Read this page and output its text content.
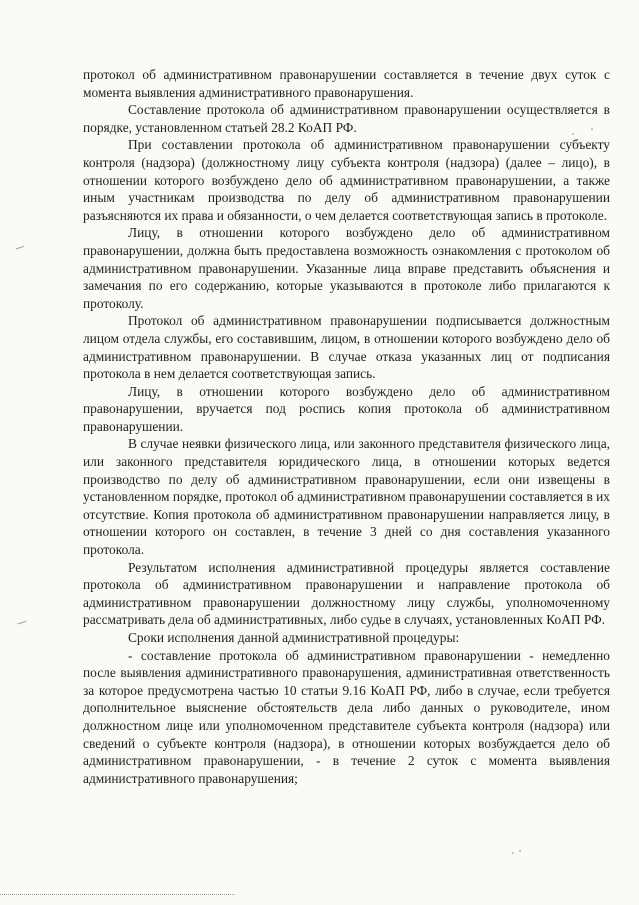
протокол об административном правонарушении составляется в течение двух суток с момента выявления административного правонарушения.

Составление протокола об административном правонарушении осуществляется в порядке, установленном статьей 28.2 КоАП РФ.

При составлении протокола об административном правонарушении субъекту контроля (надзора) (должностному лицу субъекта контроля (надзора) (далее – лицо), в отношении которого возбуждено дело об административном правонарушении, а также иным участникам производства по делу об административном правонарушении разъясняются их права и обязанности, о чем делается соответствующая запись в протоколе.

Лицу, в отношении которого возбуждено дело об административном правонарушении, должна быть предоставлена возможность ознакомления с протоколом об административном правонарушении. Указанные лица вправе представить объяснения и замечания по его содержанию, которые указываются в протоколе либо прилагаются к протоколу.

Протокол об административном правонарушении подписывается должностным лицом отдела службы, его составившим, лицом, в отношении которого возбуждено дело об административном правонарушении. В случае отказа указанных лиц от подписания протокола в нем делается соответствующая запись.

Лицу, в отношении которого возбуждено дело об административном правонарушении, вручается под роспись копия протокола об административном правонарушении.

В случае неявки физического лица, или законного представителя физического лица, или законного представителя юридического лица, в отношении которых ведется производство по делу об административном правонарушении, если они извещены в установленном порядке, протокол об административном правонарушении составляется в их отсутствие. Копия протокола об административном правонарушении направляется лицу, в отношении которого он составлен, в течение 3 дней со дня составления указанного протокола.

Результатом исполнения административной процедуры является составление протокола об административном правонарушении и направление протокола об административном правонарушении должностному лицу службы, уполномоченному рассматривать дела об административных, либо судье в случаях, установленных КоАП РФ.

Сроки исполнения данной административной процедуры:

- составление протокола об административном правонарушении - немедленно после выявления административного правонарушения, административная ответственность за которое предусмотрена частью 10 статьи 9.16 КоАП РФ, либо в случае, если требуется дополнительное выяснение обстоятельств дела либо данных о руководителе, ином должностном лице или уполномоченном представителе субъекта контроля (надзора) или сведений о субъекте контроля (надзора), в отношении которых возбуждается дело об административном правонарушении, - в течение 2 суток с момента выявления административного правонарушения;
